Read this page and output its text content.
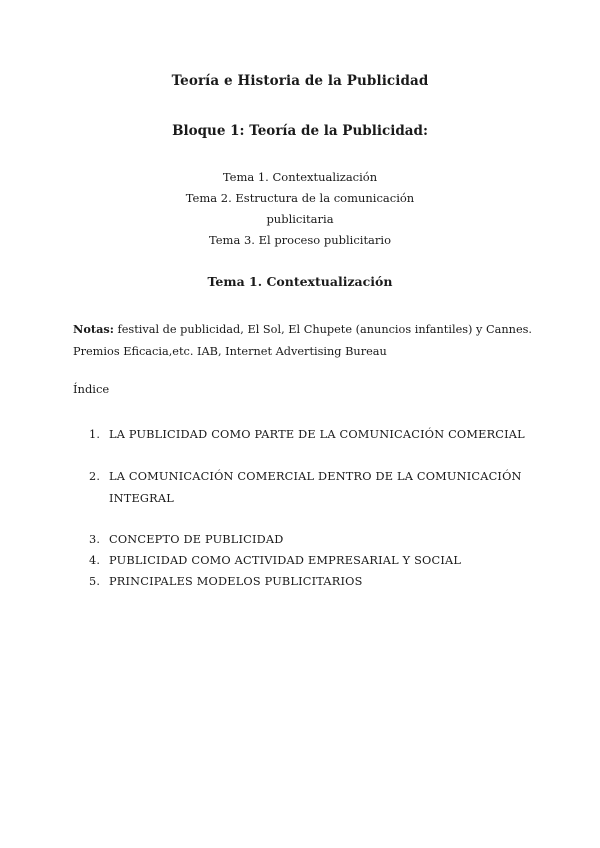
Teoría e Historia de la Publicidad
Bloque 1: Teoría de la Publicidad:
Tema 1. Contextualización
Tema 2. Estructura de la comunicación
publicitaria
Tema 3. El proceso publicitario
Tema 1. Contextualización
Notas: festival de publicidad, El Sol, El Chupete (anuncios infantiles) y Cannes.
Premios Eficacia,etc. IAB, Internet Advertising Bureau
Índice
1. LA PUBLICIDAD COMO PARTE DE LA COMUNICACIÓN COMERCIAL
2. LA COMUNICACIÓN COMERCIAL DENTRO DE LA COMUNICACIÓN
INTEGRAL
3. CONCEPTO DE PUBLICIDAD
4. PUBLICIDAD COMO ACTIVIDAD EMPRESARIAL Y SOCIAL
5. PRINCIPALES MODELOS PUBLICITARIOS
